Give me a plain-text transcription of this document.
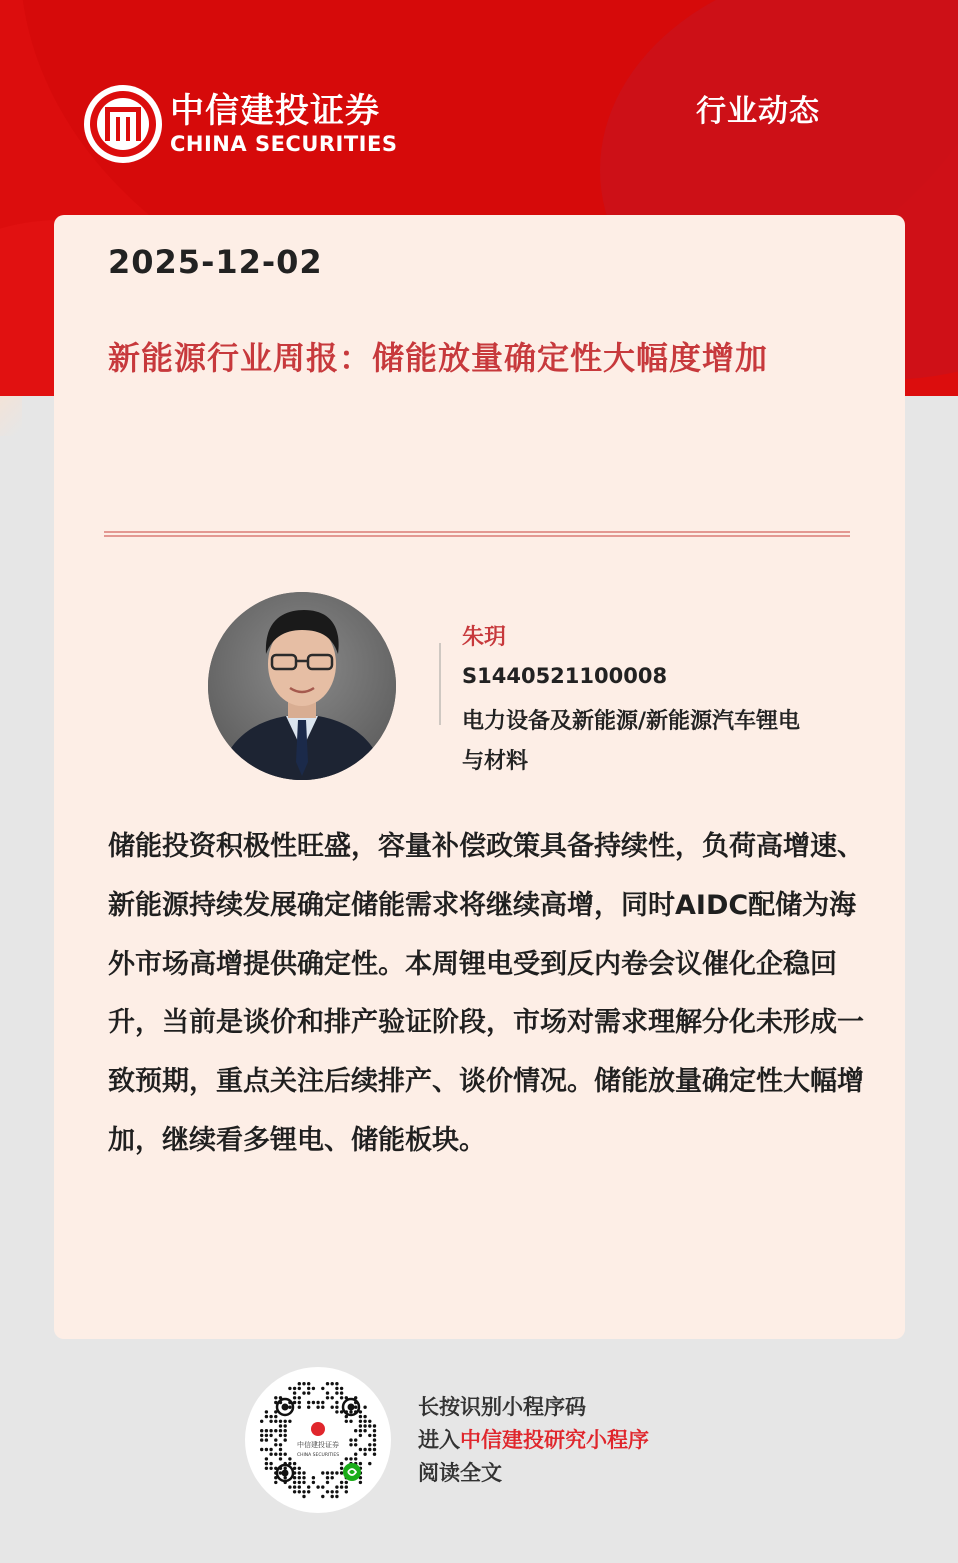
中信建投证券
CHINA SECURITIES
行业动态
2025-12-02
新能源行业周报：储能放量确定性大幅度增加
朱玥
S1440521100008
电力设备及新能源/新能源汽车锂电与材料
储能投资积极性旺盛，容量补偿政策具备持续性，负荷高增速、新能源持续发展确定储能需求将继续高增，同时AIDC配储为海外市场高增提供确定性。本周锂电受到反内卷会议催化企稳回升，当前是谈价和排产验证阶段，市场对需求理解分化未形成一致预期，重点关注后续排产、谈价情况。储能放量确定性大幅增加，继续看多锂电、储能板块。
中信建投证券
CHINA SECURITIES
长按识别小程序码
进入中信建投研究小程序
阅读全文
